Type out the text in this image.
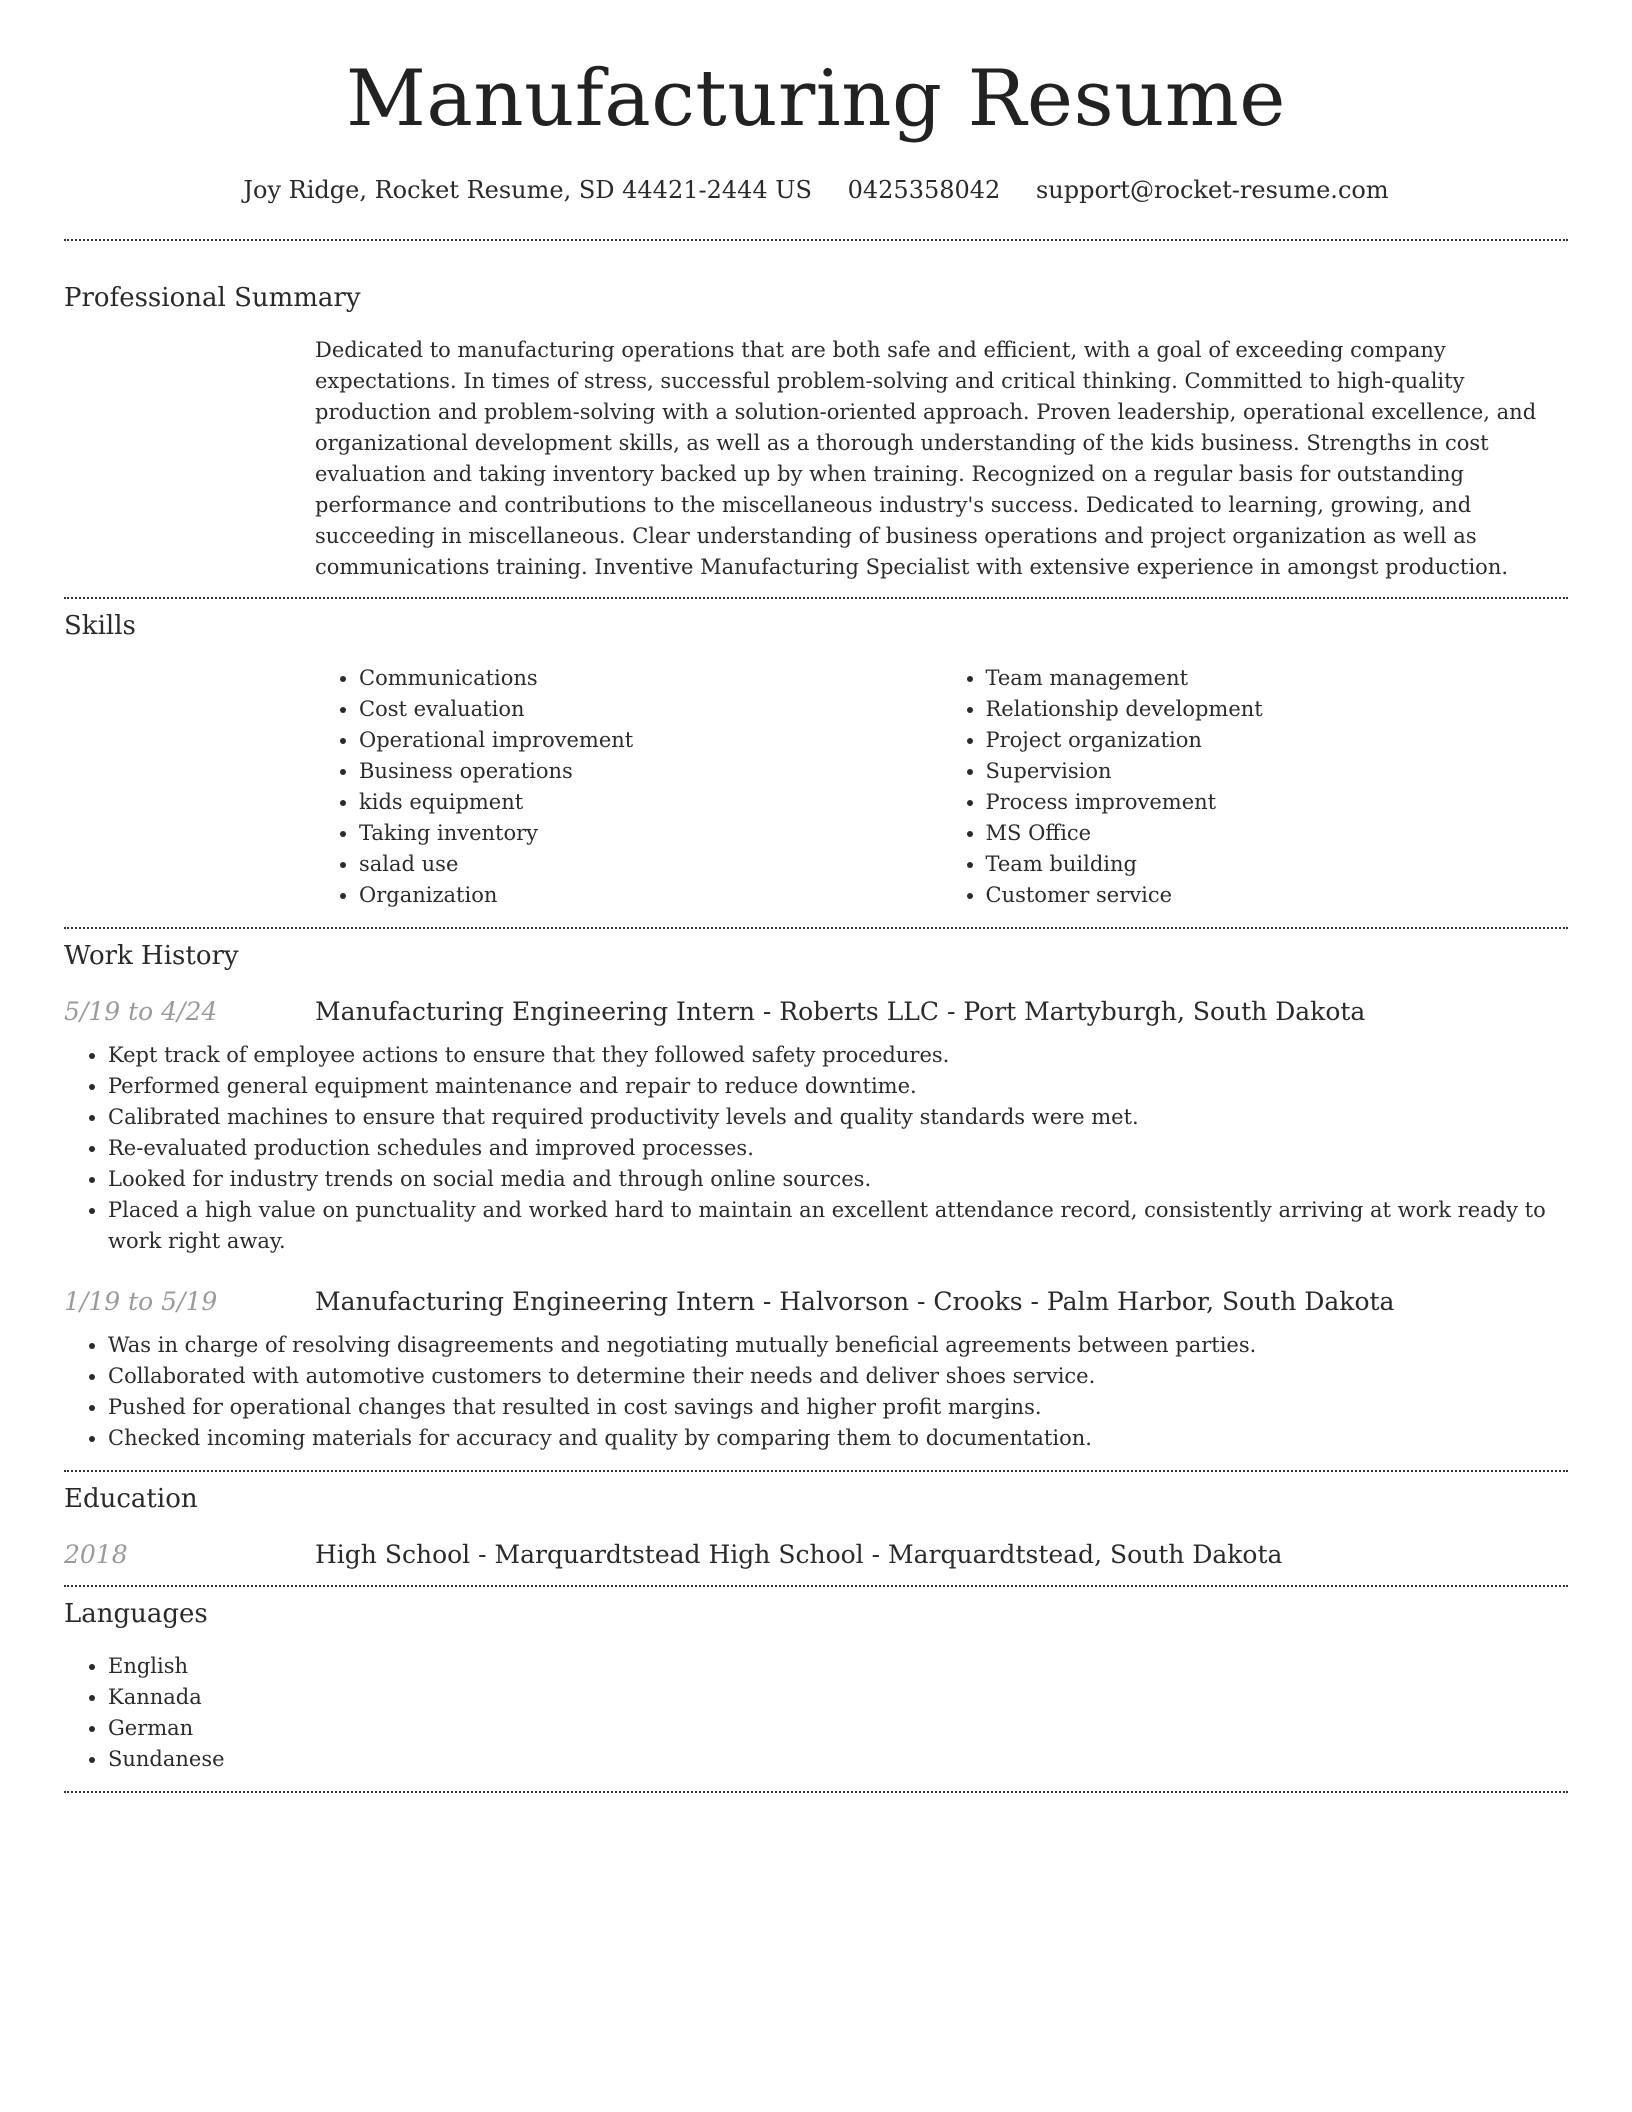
Manufacturing Resume
Joy Ridge, Rocket Resume, SD 44421-2444 US 0425358042 support@rocket-resume.com
Professional Summary
Dedicated to manufacturing operations that are both safe and efficient, with a goal of exceeding company expectations. In times of stress, successful problem-solving and critical thinking. Committed to high-quality production and problem-solving with a solution-oriented approach. Proven leadership, operational excellence, and organizational development skills, as well as a thorough understanding of the kids business. Strengths in cost evaluation and taking inventory backed up by when training. Recognized on a regular basis for outstanding performance and contributions to the miscellaneous industry's success. Dedicated to learning, growing, and succeeding in miscellaneous. Clear understanding of business operations and project organization as well as communications training. Inventive Manufacturing Specialist with extensive experience in amongst production.
Skills
• Communications
• Cost evaluation
• Operational improvement
• Business operations
• kids equipment
• Taking inventory
• salad use
• Organization
• Team management
• Relationship development
• Project organization
• Supervision
• Process improvement
• MS Office
• Team building
• Customer service
Work History
5/19 to 4/24	Manufacturing Engineering Intern - Roberts LLC - Port Martyburgh, South Dakota
• Kept track of employee actions to ensure that they followed safety procedures.
• Performed general equipment maintenance and repair to reduce downtime.
• Calibrated machines to ensure that required productivity levels and quality standards were met.
• Re-evaluated production schedules and improved processes.
• Looked for industry trends on social media and through online sources.
• Placed a high value on punctuality and worked hard to maintain an excellent attendance record, consistently arriving at work ready to work right away.
1/19 to 5/19	Manufacturing Engineering Intern - Halvorson - Crooks - Palm Harbor, South Dakota
• Was in charge of resolving disagreements and negotiating mutually beneficial agreements between parties.
• Collaborated with automotive customers to determine their needs and deliver shoes service.
• Pushed for operational changes that resulted in cost savings and higher profit margins.
• Checked incoming materials for accuracy and quality by comparing them to documentation.
Education
2018	High School - Marquardtstead High School - Marquardtstead, South Dakota
Languages
• English
• Kannada
• German
• Sundanese
